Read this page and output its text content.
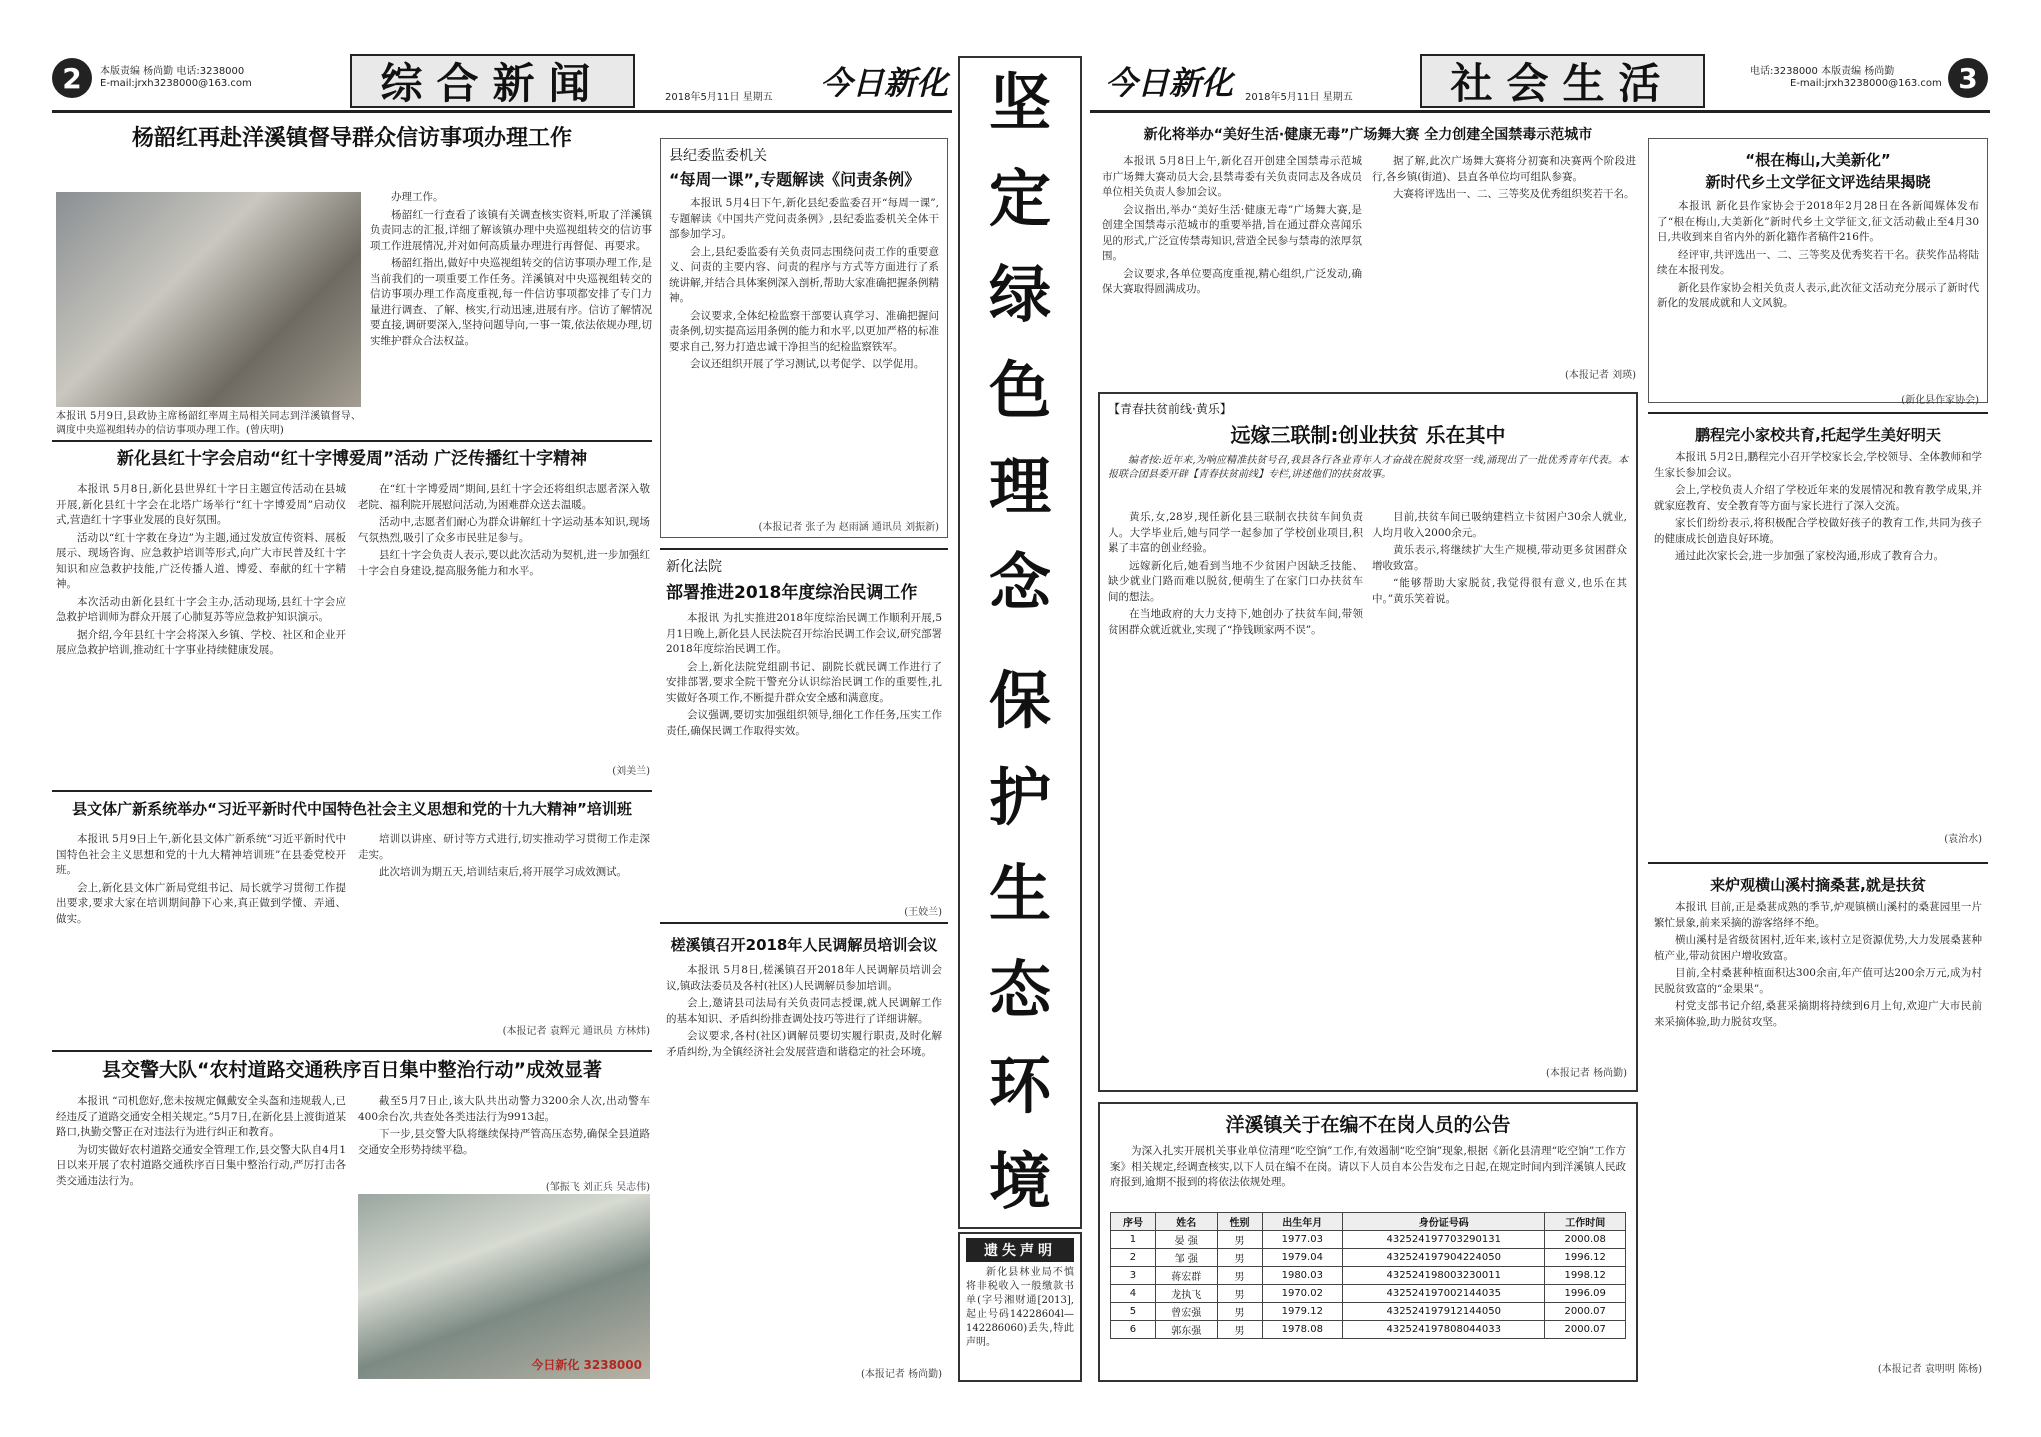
2	本版责编 杨尚勤 电话:3238000
E-mail:jrxh3238000@163.com	综合新闻	今日新化
2018年5月11日 星期五	今日新化 2018年5月11日 星期五	社会生活	电话:3238000 本版责编 杨尚勤
E-mail:jrxh3238000@163.com 3
坚
定
绿
色
理
念
保
护
生
态
环
境
遗失声明
新化县林业局不慎将非税收入一般缴款书单(字号湘财通[2013],起止号码14228604l—142286060)丢失,特此声明。
杨韶红再赴洋溪镇督导群众信访事项办理工作
本报讯 5月9日,县政协主席杨韶红率周主局相关同志到洋溪镇督导、调度中央巡视组转办的信访事项办理工作。(曾庆明)

办理工作。

杨韶红一行查看了该镇有关调查核实资料,听取了洋溪镇负责同志的汇报,详细了解该镇办理中央巡视组转交的信访事项工作进展情况,并对如何高质量办理进行再督促、再要求。

杨韶红指出,做好中央巡视组转交的信访事项办理工作,是当前我们的一项重要工作任务。洋溪镇对中央巡视组转交的信访事项办理工作高度重视,每一件信访事项都安排了专门力量进行调查、了解、核实,行动迅速,进展有序。信访了解情况要直接,调研要深入,坚持问题导向,一事一策,依法依规办理,切实维护群众合法权益。

县纪委监委机关
“每周一课”,专题解读《问责条例》

本报讯 5月4日下午,新化县纪委监委召开“每周一课”,专题解读《中国共产党问责条例》,县纪委监委机关全体干部参加学习。

会上,县纪委监委有关负责同志围绕问责工作的重要意义、问责的主要内容、问责的程序与方式等方面进行了系统讲解,并结合具体案例深入剖析,帮助大家准确把握条例精神。

会议要求,全体纪检监察干部要认真学习、准确把握问责条例,切实提高运用条例的能力和水平,以更加严格的标准要求自己,努力打造忠诚干净担当的纪检监察铁军。

会议还组织开展了学习测试,以考促学、以学促用。

(本报记者 张子为 赵雨涵 通讯员 刘振新)
新化县红十字会启动“红十字博爱周”活动 广泛传播红十字精神

本报讯 5月8日,新化县世界红十字日主题宣传活动在县城开展,新化县红十字会在北塔广场举行“红十字博爱周”启动仪式,营造红十字事业发展的良好氛围。

活动以“红十字救在身边”为主题,通过发放宣传资料、展板展示、现场咨询、应急救护培训等形式,向广大市民普及红十字知识和应急救护技能,广泛传播人道、博爱、奉献的红十字精神。

本次活动由新化县红十字会主办,活动现场,县红十字会应急救护培训师为群众开展了心肺复苏等应急救护知识演示。

据介绍,今年县红十字会将深入乡镇、学校、社区和企业开展应急救护培训,推动红十字事业持续健康发展。

在“红十字博爱周”期间,县红十字会还将组织志愿者深入敬老院、福利院开展慰问活动,为困难群众送去温暖。

活动中,志愿者们耐心为群众讲解红十字运动基本知识,现场气氛热烈,吸引了众多市民驻足参与。

县红十字会负责人表示,要以此次活动为契机,进一步加强红十字会自身建设,提高服务能力和水平。

(刘美兰)
新化法院
部署推进2018年度综治民调工作

本报讯 为扎实推进2018年度综治民调工作顺利开展,5月1日晚上,新化县人民法院召开综治民调工作会议,研究部署2018年度综治民调工作。

会上,新化法院党组副书记、副院长就民调工作进行了安排部署,要求全院干警充分认识综治民调工作的重要性,扎实做好各项工作,不断提升群众安全感和满意度。

会议强调,要切实加强组织领导,细化工作任务,压实工作责任,确保民调工作取得实效。

(王姣兰)
县文体广新系统举办“习近平新时代中国特色社会主义思想和党的十九大精神”培训班

本报讯 5月9日上午,新化县文体广新系统“习近平新时代中国特色社会主义思想和党的十九大精神培训班”在县委党校开班。

会上,新化县文体广新局党组书记、局长就学习贯彻工作提出要求,要求大家在培训期间静下心来,真正做到学懂、弄通、做实。

培训以讲座、研讨等方式进行,切实推动学习贯彻工作走深走实。

此次培训为期五天,培训结束后,将开展学习成效测试。

(本报记者 袁辉元 通讯员 方林炜)
槎溪镇召开2018年人民调解员培训会议

本报讯 5月8日,槎溪镇召开2018年人民调解员培训会议,镇政法委员及各村(社区)人民调解员参加培训。

会上,邀请县司法局有关负责同志授课,就人民调解工作的基本知识、矛盾纠纷排查调处技巧等进行了详细讲解。

会议要求,各村(社区)调解员要切实履行职责,及时化解矛盾纠纷,为全镇经济社会发展营造和谐稳定的社会环境。

(本报记者 杨尚勤)
县交警大队“农村道路交通秩序百日集中整治行动”成效显著

本报讯 “司机您好,您未按规定佩戴安全头盔和违规载人,已经违反了道路交通安全相关规定。”5月7日,在新化县上渡街道某路口,执勤交警正在对违法行为进行纠正和教育。

为切实做好农村道路交通安全管理工作,县交警大队自4月1日以来开展了农村道路交通秩序百日集中整治行动,严厉打击各类交通违法行为。

截至5月7日止,该大队共出动警力3200余人次,出动警车400余台次,共查处各类违法行为9913起。

下一步,县交警大队将继续保持严管高压态势,确保全县道路交通安全形势持续平稳。

(邹振飞 刘正兵 吴志伟)
今日新化 3238000
新化将举办“美好生活·健康无毒”广场舞大赛 全力创建全国禁毒示范城市

本报讯 5月8日上午,新化召开创建全国禁毒示范城市广场舞大赛动员大会,县禁毒委有关负责同志及各成员单位相关负责人参加会议。

会议指出,举办“美好生活·健康无毒”广场舞大赛,是创建全国禁毒示范城市的重要举措,旨在通过群众喜闻乐见的形式,广泛宣传禁毒知识,营造全民参与禁毒的浓厚氛围。

会议要求,各单位要高度重视,精心组织,广泛发动,确保大赛取得圆满成功。

据了解,此次广场舞大赛将分初赛和决赛两个阶段进行,各乡镇(街道)、县直各单位均可组队参赛。

大赛将评选出一、二、三等奖及优秀组织奖若干名。

(本报记者 刘瑛)
【青春扶贫前线·黄乐】
远嫁三联制:创业扶贫 乐在其中
编者按:近年来,为响应精准扶贫号召,我县各行各业青年人才奋战在脱贫攻坚一线,涌现出了一批优秀青年代表。本报联合团县委开辟【青春扶贫前线】专栏,讲述他们的扶贫故事。

黄乐,女,28岁,现任新化县三联制衣扶贫车间负责人。大学毕业后,她与同学一起参加了学校创业项目,积累了丰富的创业经验。

远嫁新化后,她看到当地不少贫困户因缺乏技能、缺少就业门路而难以脱贫,便萌生了在家门口办扶贫车间的想法。

在当地政府的大力支持下,她创办了扶贫车间,带领贫困群众就近就业,实现了“挣钱顾家两不误”。

目前,扶贫车间已吸纳建档立卡贫困户30余人就业,人均月收入2000余元。

黄乐表示,将继续扩大生产规模,带动更多贫困群众增收致富。

“能够帮助大家脱贫,我觉得很有意义,也乐在其中。”黄乐笑着说。

(本报记者 杨尚勤)
洋溪镇关于在编不在岗人员的公告
为深入扎实开展机关事业单位清理“吃空饷”工作,有效遏制“吃空饷”现象,根据《新化县清理“吃空饷”工作方案》相关规定,经调查核实,以下人员在编不在岗。请以下人员自本公告发布之日起,在规定时间内到洋溪镇人民政府报到,逾期不报到的将依法依规处理。
序号	姓名	性别	出生年月	身份证号码	工作时间
1	晏 强	男	1977.03	432524197703290131	2000.08
2	邹 强	男	1979.04	432524197904224050	1996.12
3	蒋宏群	男	1980.03	432524198003230011	1998.12
4	龙执飞	男	1970.02	432524197002144035	1996.09
5	曾宏强	男	1979.12	432524197912144050	2000.07
6	郭东强	男	1978.08	432524197808044033	2000.07
“根在梅山,大美新化”
新时代乡土文学征文评选结果揭晓

本报讯 新化县作家协会于2018年2月28日在各新闻媒体发布了“根在梅山,大美新化”新时代乡土文学征文,征文活动截止至4月30日,共收到来自省内外的新化籍作者稿件216件。

经评审,共评选出一、二、三等奖及优秀奖若干名。获奖作品将陆续在本报刊发。

新化县作家协会相关负责人表示,此次征文活动充分展示了新时代新化的发展成就和人文风貌。

(新化县作家协会)
鹏程完小家校共育,托起学生美好明天

本报讯 5月2日,鹏程完小召开学校家长会,学校领导、全体教师和学生家长参加会议。

会上,学校负责人介绍了学校近年来的发展情况和教育教学成果,并就家庭教育、安全教育等方面与家长进行了深入交流。

家长们纷纷表示,将积极配合学校做好孩子的教育工作,共同为孩子的健康成长创造良好环境。

通过此次家长会,进一步加强了家校沟通,形成了教育合力。

(袁治水)
来炉观横山溪村摘桑葚,就是扶贫

本报讯 目前,正是桑葚成熟的季节,炉观镇横山溪村的桑葚园里一片繁忙景象,前来采摘的游客络绎不绝。

横山溪村是省级贫困村,近年来,该村立足资源优势,大力发展桑葚种植产业,带动贫困户增收致富。

目前,全村桑葚种植面积达300余亩,年产值可达200余万元,成为村民脱贫致富的“金果果”。

村党支部书记介绍,桑葚采摘期将持续到6月上旬,欢迎广大市民前来采摘体验,助力脱贫攻坚。

(本报记者 袁明明 陈杨)
